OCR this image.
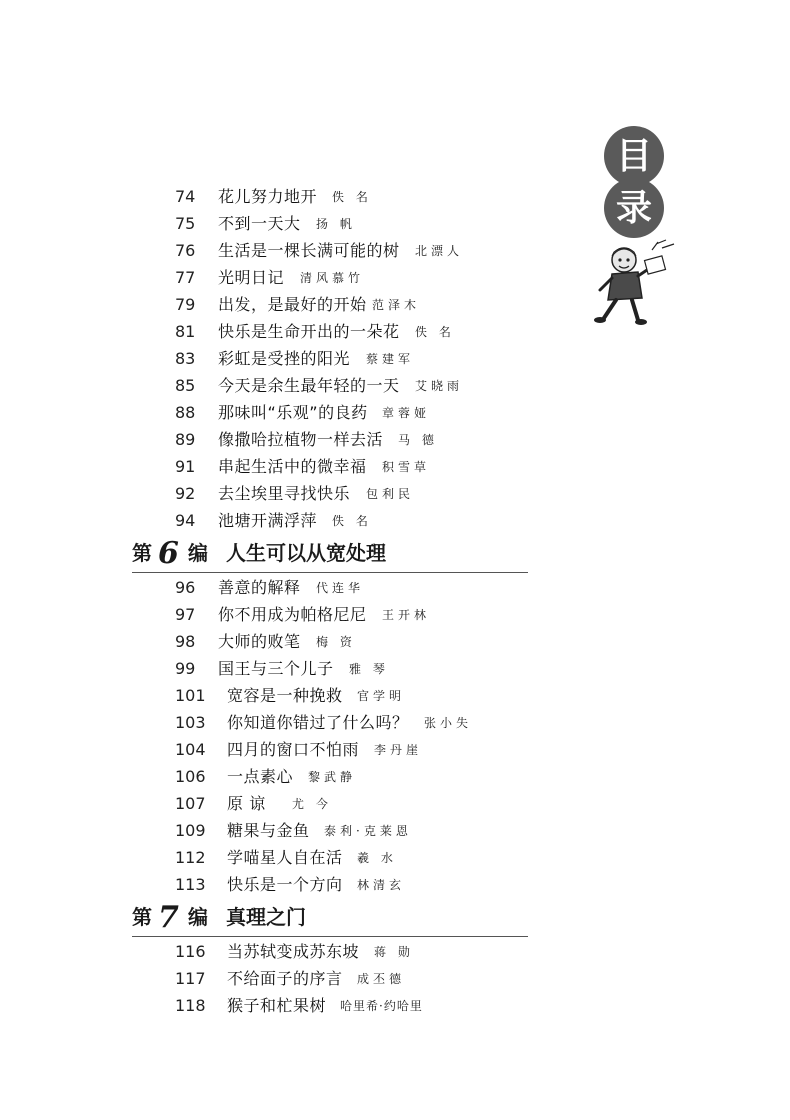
目
录
74	花儿努力地开 佚 名
75	不到一天大 扬 帆
76	生活是一棵长满可能的树 北漂人
77	光明日记 清风慕竹
79	出发，是最好的开始 范泽木
81	快乐是生命开出的一朵花 佚 名
83	彩虹是受挫的阳光 蔡建军
85	今天是余生最年轻的一天 艾晓雨
88	那味叫“乐观”的良药 章蓉娅
89	像撒哈拉植物一样去活 马 德
91	串起生活中的微幸福 积雪草
92	去尘埃里寻找快乐 包利民
94	池塘开满浮萍 佚 名
第 6 编 人生可以从宽处理
96	善意的解释 代连华
97	你不用成为帕格尼尼 王开林
98	大师的败笔 梅 资
99	国王与三个儿子 雅 琴
101	宽容是一种挽救 官学明
103	你知道你错过了什么吗？ 张小失
104	四月的窗口不怕雨 李丹崖
106	一点素心 黎武静
107	原 谅 尤 今
109	糖果与金鱼 泰利·克莱恩
112	学喵星人自在活 羲 水
113	快乐是一个方向 林清玄
第 7 编 真理之门
116	当苏轼变成苏东坡 蒋 勋
117	不给面子的序言 成丕德
118	猴子和杧果树 哈里希·约哈里
